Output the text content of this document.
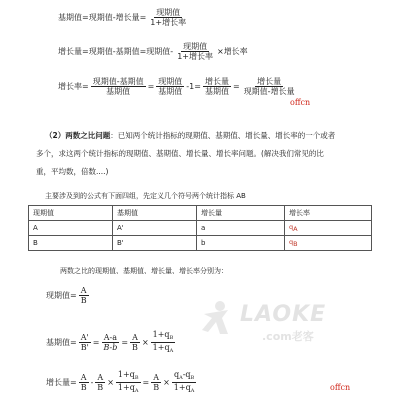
基期值=现期值-增长量= $\frac{\text{现期值}}{\text{1+增长率}}$
增长量=现期值-基期值=现期值- $\frac{\text{现期值}}{\text{1+增长率}}$ ×增长率
增长率= $\frac{\text{现期值-基期值}}{\text{基期值}} = \frac{\text{现期值}}{\text{基期值}} -1= \frac{\text{增长量}}{\text{基期值}} = \frac{\text{增长量}}{\text{现期值-增长量}}$
offcn
（2）两数之比问题：已知两个统计指标的现期值、基期值、增长量、增长率的一个或者
多个，求这两个统计指标的现期值、基期值、增长量、增长率问题。(解决我们常见的比
重，平均数，倍数....)
主要涉及到的公式有下面四组，先定义几个符号两个统计指标 AB
现期值	基期值	增长量	增长率
A	A'	a	qA
B	B'	b	qB
两数之比的现期值、基期值、增长量、增长率分别为：
现期值= $\frac{A}{B}$
基期值= $\frac{A'}{B'} = \frac{A-a}{B-b} = \frac{A}{B} \times \frac{1+q_B}{1+q_A}$
增长量= $\frac{A}{B} - \frac{A}{B} \times \frac{1+q_B}{1+q_A} = \frac{A}{B} \times \frac{q_A-q_B}{1+q_A}$
LAOKE
.com老客
offcn
